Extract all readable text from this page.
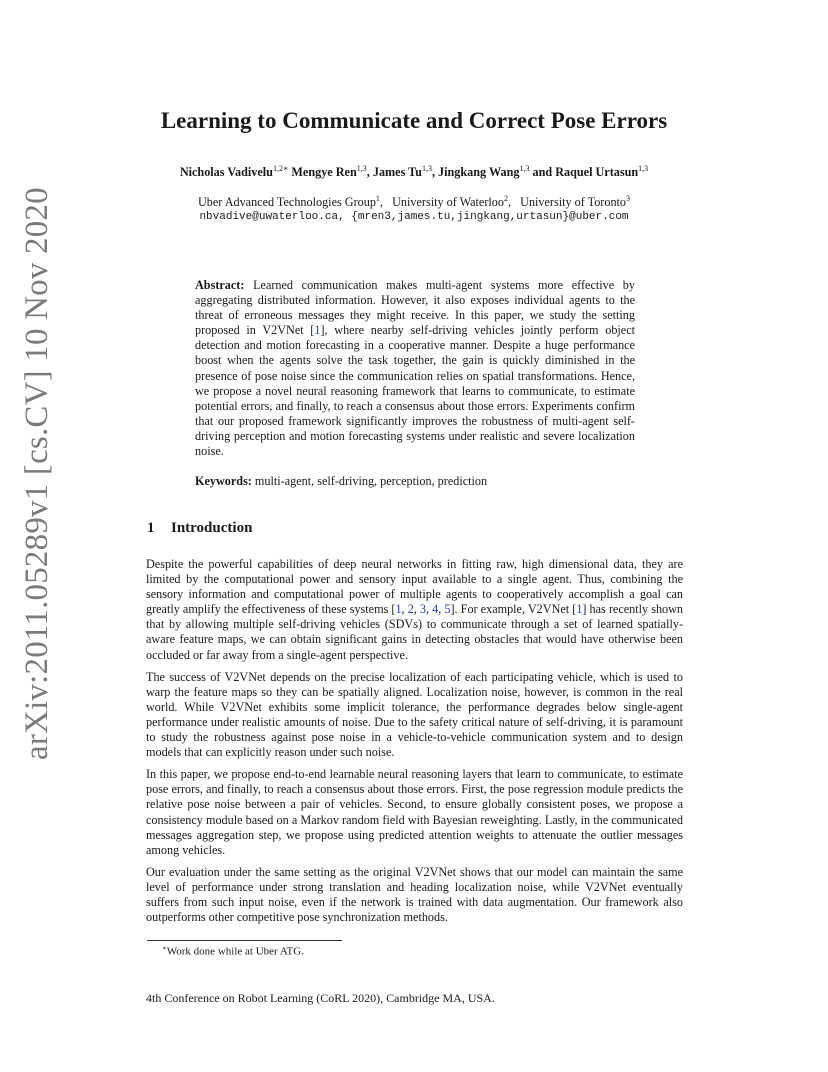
arXiv:2011.05289v1 [cs.CV] 10 Nov 2020
Learning to Communicate and Correct Pose Errors
Nicholas Vadivelu$^{1,2∗}$ Mengye Ren$^{1,3}$, James Tu$^{1,3}$, Jingkang Wang$^{1,3}$ and Raquel Urtasun$^{1,3}$
Uber Advanced Technologies Group$^1$,   University of Waterloo$^2$,   University of Toronto$^3$
nbvadive@uwaterloo.ca, {mren3,james.tu,jingkang,urtasun}@uber.com

Abstract: Learned communication makes multi-agent systems more effective by aggregating distributed information. However, it also exposes individual agents to the threat of erroneous messages they might receive. In this paper, we study the setting proposed in V2VNet [1], where nearby self-driving vehicles jointly perform object detection and motion forecasting in a cooperative manner. Despite a huge performance boost when the agents solve the task together, the gain is quickly diminished in the presence of pose noise since the communication relies on spatial transformations. Hence, we propose a novel neural reasoning framework that learns to communicate, to estimate potential errors, and finally, to reach a consensus about those errors. Experiments confirm that our proposed framework significantly improves the robustness of multi-agent self-driving perception and motion forecasting systems under realistic and severe localization noise.

Keywords: multi-agent, self-driving, perception, prediction

1 Introduction

Despite the powerful capabilities of deep neural networks in fitting raw, high dimensional data, they are limited by the computational power and sensory input available to a single agent. Thus, combining the sensory information and computational power of multiple agents to cooperatively accomplish a goal can greatly amplify the effectiveness of these systems [1, 2, 3, 4, 5]. For example, V2VNet [1] has recently shown that by allowing multiple self-driving vehicles (SDVs) to communicate through a set of learned spatially-aware feature maps, we can obtain significant gains in detecting obstacles that would have otherwise been occluded or far away from a single-agent perspective.

The success of V2VNet depends on the precise localization of each participating vehicle, which is used to warp the feature maps so they can be spatially aligned. Localization noise, however, is common in the real world. While V2VNet exhibits some implicit tolerance, the performance degrades below single-agent performance under realistic amounts of noise. Due to the safety critical nature of self-driving, it is paramount to study the robustness against pose noise in a vehicle-to-vehicle communication system and to design models that can explicitly reason under such noise.

In this paper, we propose end-to-end learnable neural reasoning layers that learn to communicate, to estimate pose errors, and finally, to reach a consensus about those errors. First, the pose regression module predicts the relative pose noise between a pair of vehicles. Second, to ensure globally consistent poses, we propose a consistency module based on a Markov random field with Bayesian reweighting. Lastly, in the communicated messages aggregation step, we propose using predicted attention weights to attenuate the outlier messages among vehicles.

Our evaluation under the same setting as the original V2VNet shows that our model can maintain the same level of performance under strong translation and heading localization noise, while V2VNet eventually suffers from such input noise, even if the network is trained with data augmentation. Our framework also outperforms other competitive pose synchronization methods.

∗Work done while at Uber ATG.
4th Conference on Robot Learning (CoRL 2020), Cambridge MA, USA.
